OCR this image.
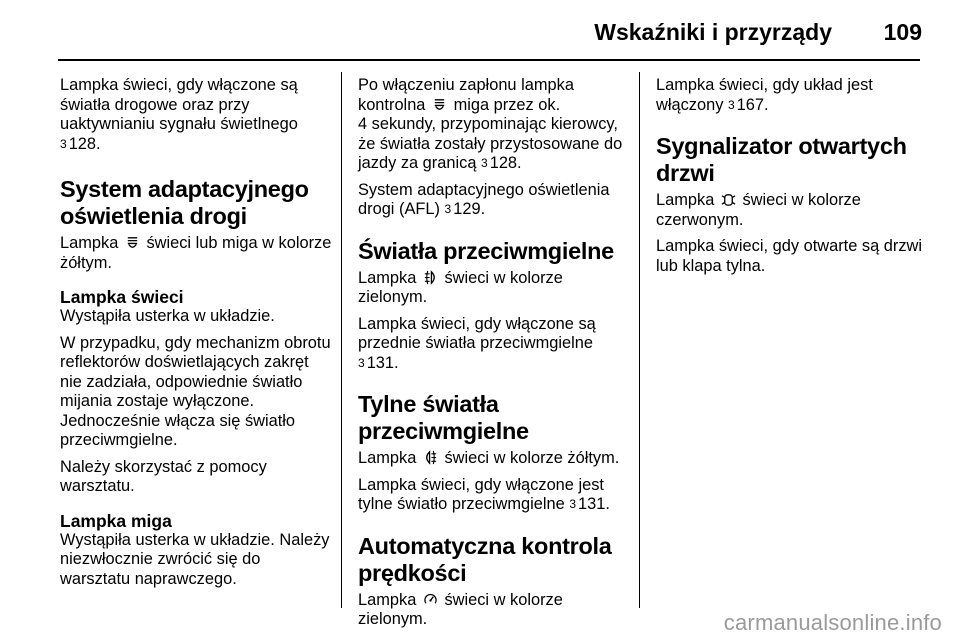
Wskaźniki i przyrządy 109

Lampka świeci, gdy włączone są
światła drogowe oraz przy
uaktywnianiu sygnału świetlnego
3 128.

System adaptacyjnego
oświetlenia drogi

Lampka świeci lub miga w kolorze
żółtym.

Lampka świeci

Wystąpiła usterka w układzie.

W przypadku, gdy mechanizm obrotu
reflektorów doświetlających zakręt
nie zadziała, odpowiednie światło
mijania zostaje wyłączone.
Jednocześnie włącza się światło
przeciwmgielne.

Należy skorzystać z pomocy
warsztatu.

Lampka miga

Wystąpiła usterka w układzie. Należy
niezwłocznie zwrócić się do
warsztatu naprawczego.

Po włączeniu zapłonu lampka
kontrolna miga przez ok.
4 sekundy, przypominając kierowcy,
że światła zostały przystosowane do
jazdy za granicą 3 128.

System adaptacyjnego oświetlenia
drogi (AFL) 3 129.

Światła przeciwmgielne

Lampka świeci w kolorze
zielonym.

Lampka świeci, gdy włączone są
przednie światła przeciwmgielne
3 131.

Tylne światła
przeciwmgielne

Lampka świeci w kolorze żółtym.

Lampka świeci, gdy włączone jest
tylne światło przeciwmgielne 3 131.

Automatyczna kontrola
prędkości

Lampka świeci w kolorze zielonym.

Lampka świeci, gdy układ jest
włączony 3 167.

Sygnalizator otwartych
drzwi

Lampka świeci w kolorze
czerwonym.

Lampka świeci, gdy otwarte są drzwi
lub klapa tylna.

carmanualsonline.info
